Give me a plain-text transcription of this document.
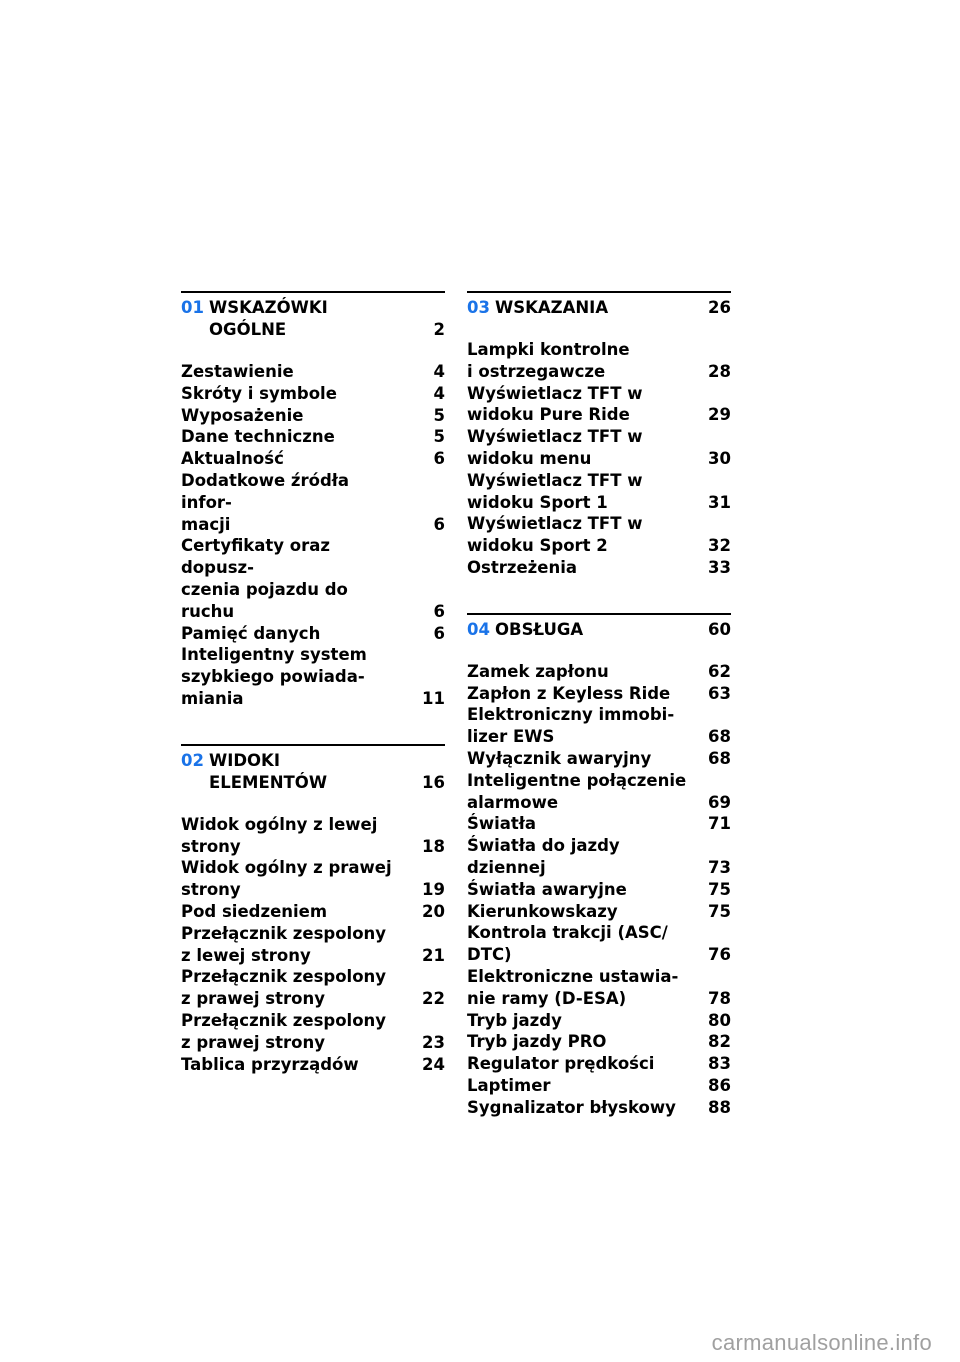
01 WSKAZÓWKI
OGÓLNE	2
Zestawienie	4
Skróty i symbole	4
Wyposażenie	5
Dane techniczne	5
Aktualność	6
Dodatkowe źródła infor-
macji	6
Certyfikaty oraz dopusz-
czenia pojazdu do ruchu	6
Pamięć danych	6
Inteligentny system
szybkiego powiada-
miania	11
02 WIDOKI
ELEMENTÓW	16
Widok ogólny z lewej
strony	18
Widok ogólny z prawej
strony	19
Pod siedzeniem	20
Przełącznik zespolony
z lewej strony	21
Przełącznik zespolony
z prawej strony	22
Przełącznik zespolony
z prawej strony	23
Tablica przyrządów	24
03 WSKAZANIA	26
Lampki kontrolne
i ostrzegawcze	28
Wyświetlacz TFT w
widoku Pure Ride	29
Wyświetlacz TFT w
widoku menu	30
Wyświetlacz TFT w
widoku Sport 1	31
Wyświetlacz TFT w
widoku Sport 2	32
Ostrzeżenia	33
04 OBSŁUGA	60
Zamek zapłonu	62
Zapłon z Keyless Ride	63
Elektroniczny immobi-
lizer EWS	68
Wyłącznik awaryjny	68
Inteligentne połączenie
alarmowe	69
Światła	71
Światła do jazdy
dziennej	73
Światła awaryjne	75
Kierunkowskazy	75
Kontrola trakcji (ASC/
DTC)	76
Elektroniczne ustawia-
nie ramy (D-ESA)	78
Tryb jazdy	80
Tryb jazdy PRO	82
Regulator prędkości	83
Laptimer	86
Sygnalizator błyskowy	88
carmanualsonline.info
